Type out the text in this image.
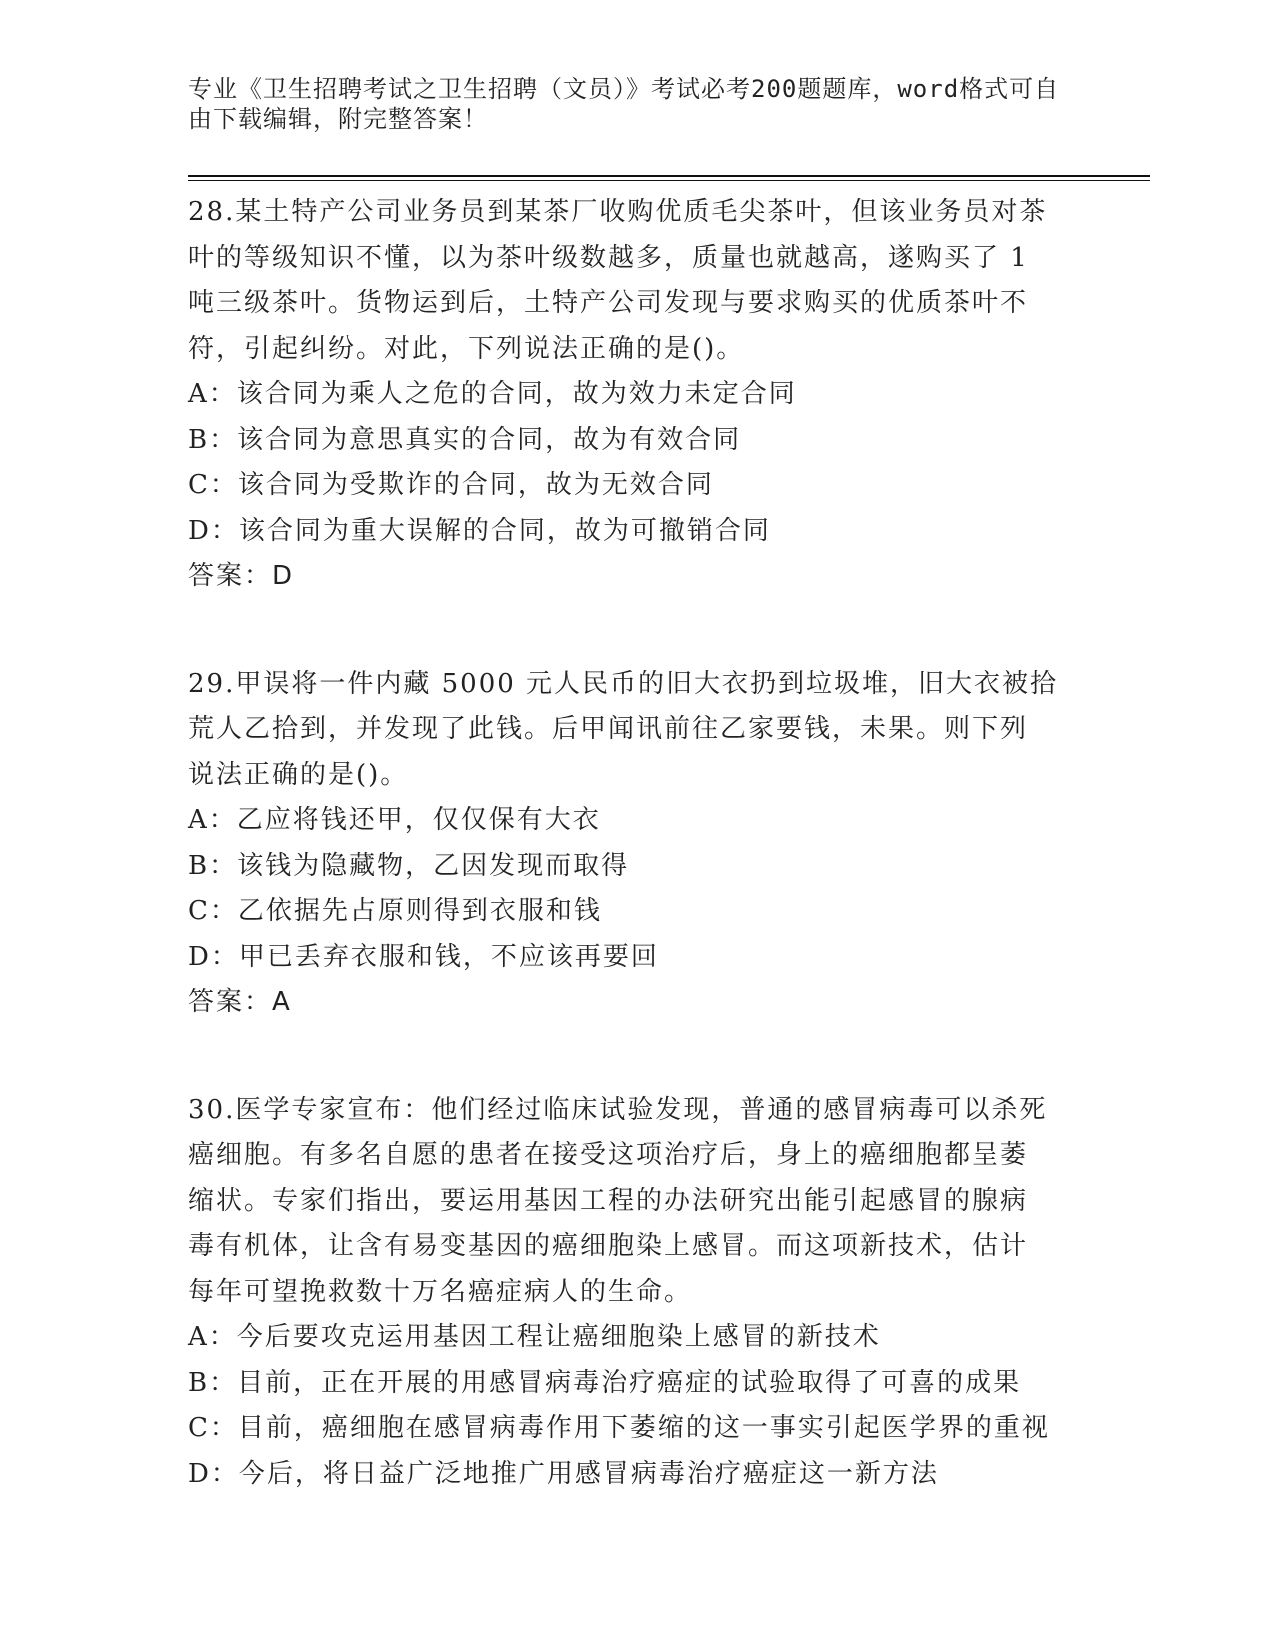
专业《卫生招聘考试之卫生招聘（文员）》考试必考200题题库，word格式可自
由下载编辑，附完整答案！
28.某土特产公司业务员到某茶厂收购优质毛尖茶叶，但该业务员对茶
叶的等级知识不懂，以为茶叶级数越多，质量也就越高，遂购买了 1
吨三级茶叶。货物运到后，土特产公司发现与要求购买的优质茶叶不
符，引起纠纷。对此，下列说法正确的是()。
A：该合同为乘人之危的合同，故为效力未定合同
B：该合同为意思真实的合同，故为有效合同
C：该合同为受欺诈的合同，故为无效合同
D：该合同为重大误解的合同，故为可撤销合同
答案：D
29.甲误将一件内藏 5000 元人民币的旧大衣扔到垃圾堆，旧大衣被拾
荒人乙拾到，并发现了此钱。后甲闻讯前往乙家要钱，未果。则下列
说法正确的是()。
A：乙应将钱还甲，仅仅保有大衣
B：该钱为隐藏物，乙因发现而取得
C：乙依据先占原则得到衣服和钱
D：甲已丢弃衣服和钱，不应该再要回
答案：A
30.医学专家宣布：他们经过临床试验发现，普通的感冒病毒可以杀死
癌细胞。有多名自愿的患者在接受这项治疗后，身上的癌细胞都呈萎
缩状。专家们指出，要运用基因工程的办法研究出能引起感冒的腺病
毒有机体，让含有易变基因的癌细胞染上感冒。而这项新技术，估计
每年可望挽救数十万名癌症病人的生命。
A：今后要攻克运用基因工程让癌细胞染上感冒的新技术
B：目前，正在开展的用感冒病毒治疗癌症的试验取得了可喜的成果
C：目前，癌细胞在感冒病毒作用下萎缩的这一事实引起医学界的重视
D：今后，将日益广泛地推广用感冒病毒治疗癌症这一新方法
